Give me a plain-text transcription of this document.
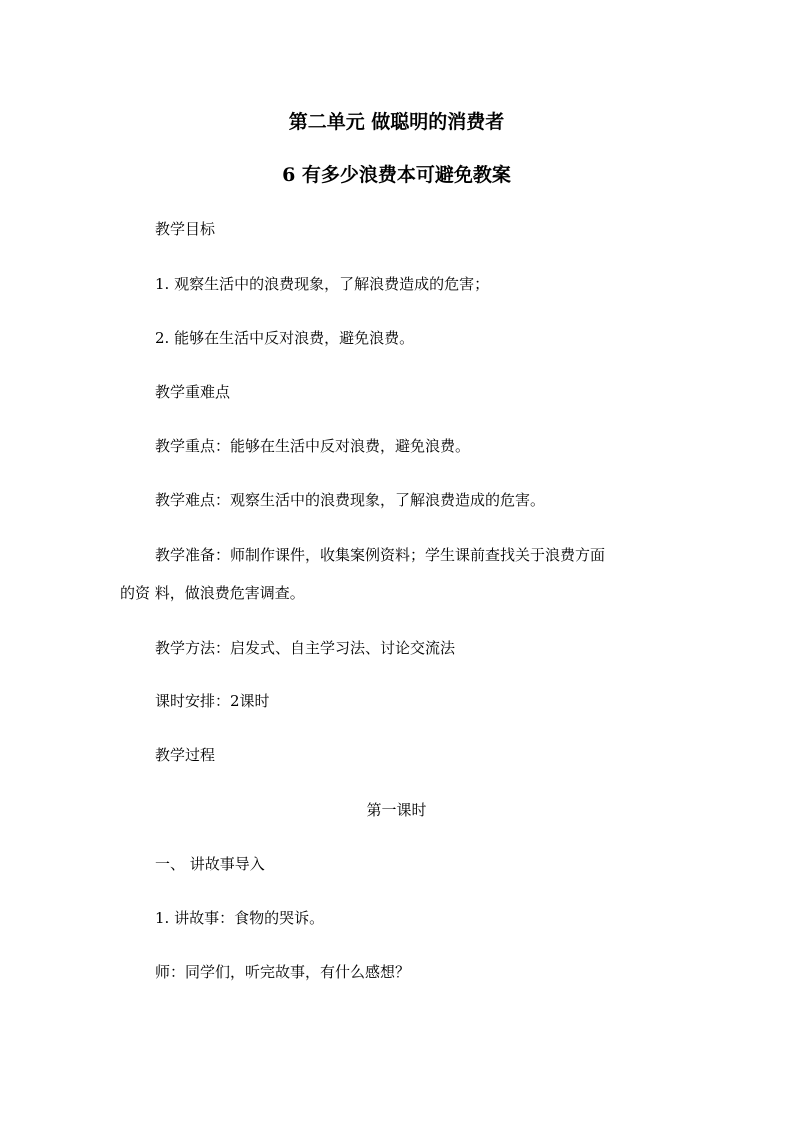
第二单元 做聪明的消费者
6 有多少浪费本可避免教案
教学目标
1. 观察生活中的浪费现象，了解浪费造成的危害；
2. 能够在生活中反对浪费，避免浪费。
教学重难点
教学重点：能够在生活中反对浪费，避免浪费。
教学难点：观察生活中的浪费现象，了解浪费造成的危害。
教学准备：师制作课件，收集案例资料；学生课前查找关于浪费方面
的资 料，做浪费危害调查。
教学方法：启发式、自主学习法、讨论交流法
课时安排：2课时
教学过程
第一课时
一、 讲故事导入
1. 讲故事：食物的哭诉。
师：同学们，听完故事，有什么感想？
